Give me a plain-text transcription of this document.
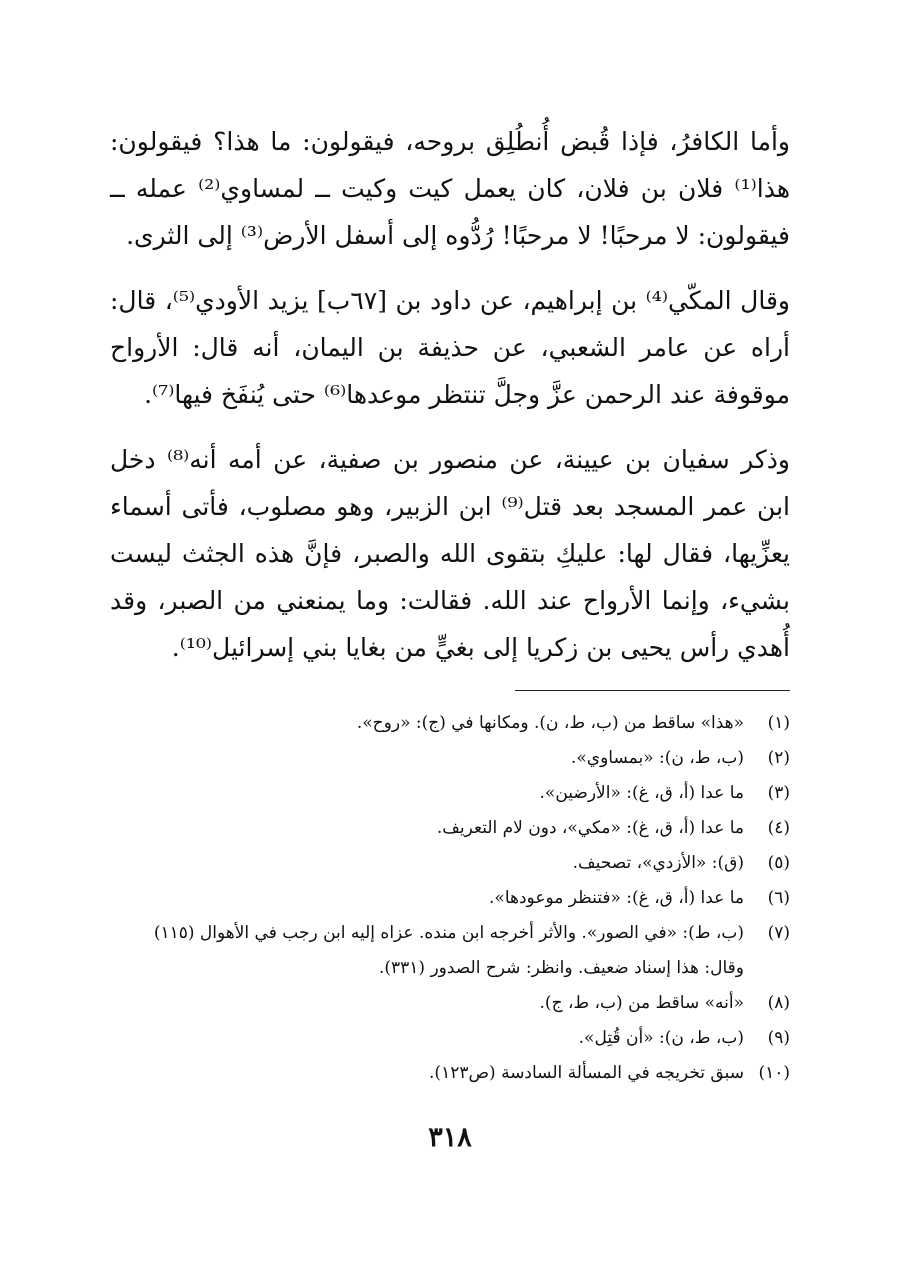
وأما الكافرُ، فإذا قُبض أُنطُلِق بروحه، فيقولون: ما هذا؟ فيقولون: هذا⁽¹⁾ فلان بن فلان، كان يعمل كيت وكيت ــ لمساوي⁽²⁾ عمله ــ فيقولون: لا مرحبًا! لا مرحبًا! رُدُّوه إلى أسفل الأرض⁽³⁾ إلى الثرى.

وقال المكّي⁽⁴⁾ بن إبراهيم، عن داود بن [٦٧ب] يزيد الأودي⁽⁵⁾، قال: أراه عن عامر الشعبي، عن حذيفة بن اليمان، أنه قال: الأرواح موقوفة عند الرحمن عزَّ وجلَّ تنتظر موعدها⁽⁶⁾ حتى يُنفَخ فيها⁽⁷⁾.

وذكر سفيان بن عيينة، عن منصور بن صفية، عن أمه أنه⁽⁸⁾ دخل ابن عمر المسجد بعد قتل⁽⁹⁾ ابن الزبير، وهو مصلوب، فأتى أسماء يعزِّيها، فقال لها: عليكِ بتقوى الله والصبر، فإنَّ هذه الجثث ليست بشيء، وإنما الأرواح عند الله. فقالت: وما يمنعني من الصبر، وقد أُهدي رأس يحيى بن زكريا إلى بغيٍّ من بغايا بني إسرائيل⁽¹⁰⁾.

(١)
«هذا» ساقط من (ب، ط، ن). ومكانها في (ج): «روح».
(٢)
(ب، ط، ن): «بمساوي».
(٣)
ما عدا (أ، ق، غ): «الأرضين».
(٤)
ما عدا (أ، ق، غ): «مكي»، دون لام التعريف.
(٥)
(ق): «الأزدي»، تصحيف.
(٦)
ما عدا (أ، ق، غ): «فتنظر موعودها».
(٧)
(ب، ط): «في الصور». والأثر أخرجه ابن منده. عزاه إليه ابن رجب في الأهوال (١١٥) وقال: هذا إسناد ضعيف. وانظر: شرح الصدور (٣٣١).
(٨)
«أنه» ساقط من (ب، ط، ج).
(٩)
(ب، ط، ن): «أن قُتِل».
(١٠)
سبق تخريجه في المسألة السادسة (ص١٢٣).
٣١٨
